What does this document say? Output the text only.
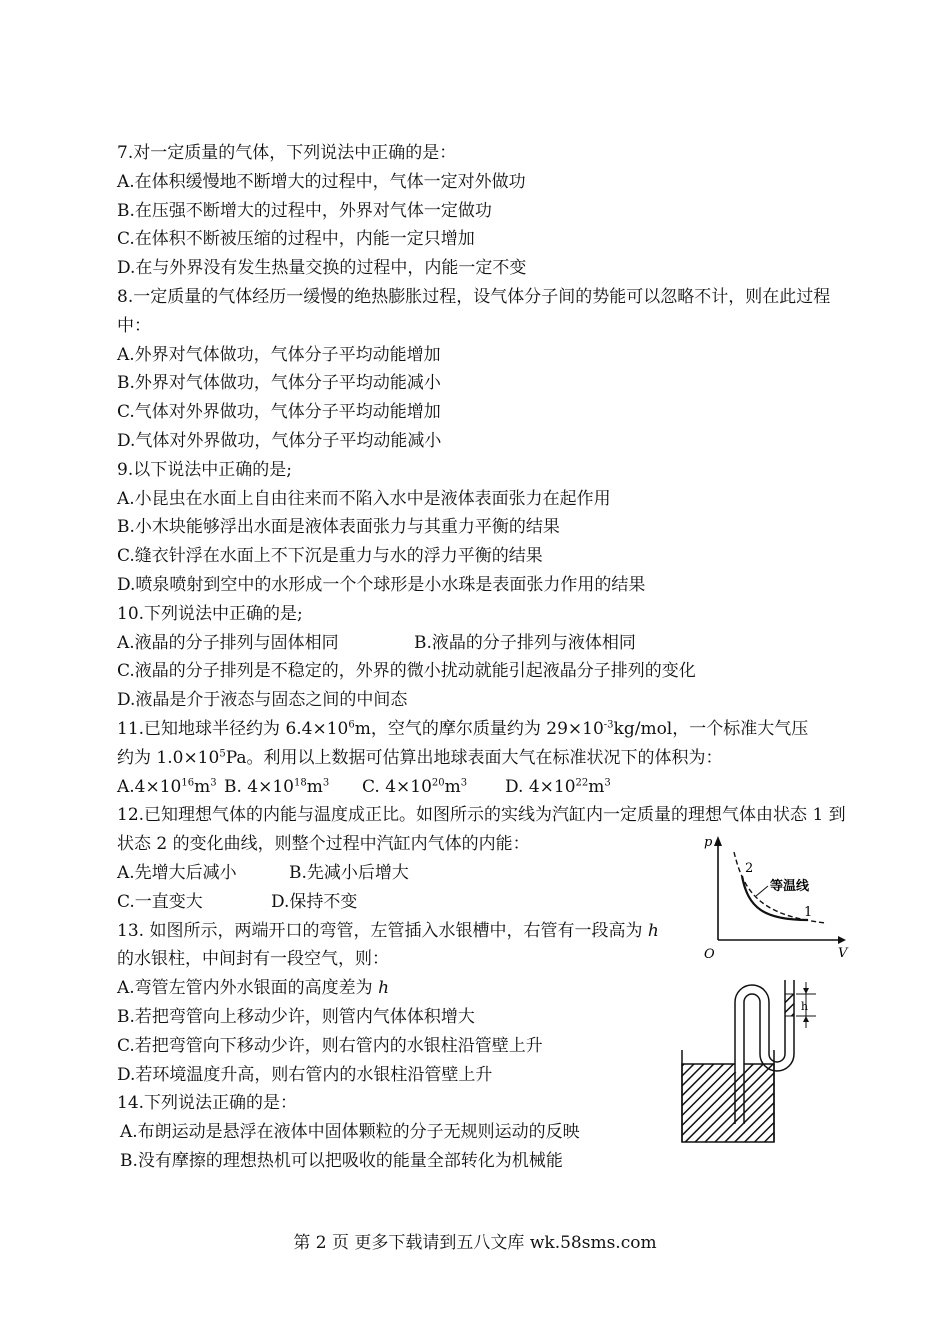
7.对一定质量的气体，下列说法中正确的是：
A.在体积缓慢地不断增大的过程中，气体一定对外做功
B.在压强不断增大的过程中，外界对气体一定做功
C.在体积不断被压缩的过程中，内能一定只增加
D.在与外界没有发生热量交换的过程中，内能一定不变
8.一定质量的气体经历一缓慢的绝热膨胀过程，设气体分子间的势能可以忽略不计，则在此过程中：
A.外界对气体做功，气体分子平均动能增加
B.外界对气体做功，气体分子平均动能减小
C.气体对外界做功，气体分子平均动能增加
D.气体对外界做功，气体分子平均动能减小
9.以下说法中正确的是;
A.小昆虫在水面上自由往来而不陷入水中是液体表面张力在起作用
B.小木块能够浮出水面是液体表面张力与其重力平衡的结果
C.缝衣针浮在水面上不下沉是重力与水的浮力平衡的结果
D.喷泉喷射到空中的水形成一个个球形是小水珠是表面张力作用的结果
10.下列说法中正确的是;
A.液晶的分子排列与固体相同	B.液晶的分子排列与液体相同
C.液晶的分子排列是不稳定的，外界的微小扰动就能引起液晶分子排列的变化
D.液晶是介于液态与固态之间的中间态
11.已知地球半径约为 $6.4\times 10^6m$，空气的摩尔质量约为 $29\times 10^{-3}kg$/mol，一个标准大气压
约为 $1.0\times 10^5Pa$。利用以上数据可估算出地球表面大气在标准状况下的体积为：
$A.4\times 10^{16}m^3$ B. $4\times 10^{18}m^3$ C. $4\times 10^{20}m^3$ D. $4\times 10^{22}m^3$
12.已知理想气体的内能与温度成正比。如图所示的实线为汽缸内一定质量的理想气体由状态 1 到状态 2 的变化曲线，则整个过程中汽缸内气体的内能：
A.先增大后减小	B.先减小后增大
C.一直变大	D.保持不变
13. 如图所示，两端开口的弯管，左管插入水银槽中，右管有一段高为 h 的水银柱，中间封有一段空气，则：
A.弯管左管内外水银面的高度差为 h
B.若把弯管向上移动少许，则管内气体体积增大
C.若把弯管向下移动少许，则右管内的水银柱沿管壁上升
D.若环境温度升高，则右管内的水银柱沿管壁上升
14.下列说法正确的是：
A.布朗运动是悬浮在液体中固体颗粒的分子无规则运动的反映
B.没有摩擦的理想热机可以把吸收的能量全部转化为机械能
p
V
O
2
1
等温线
h
第 2 页 更多下载请到五八文库 wk.58sms.com
